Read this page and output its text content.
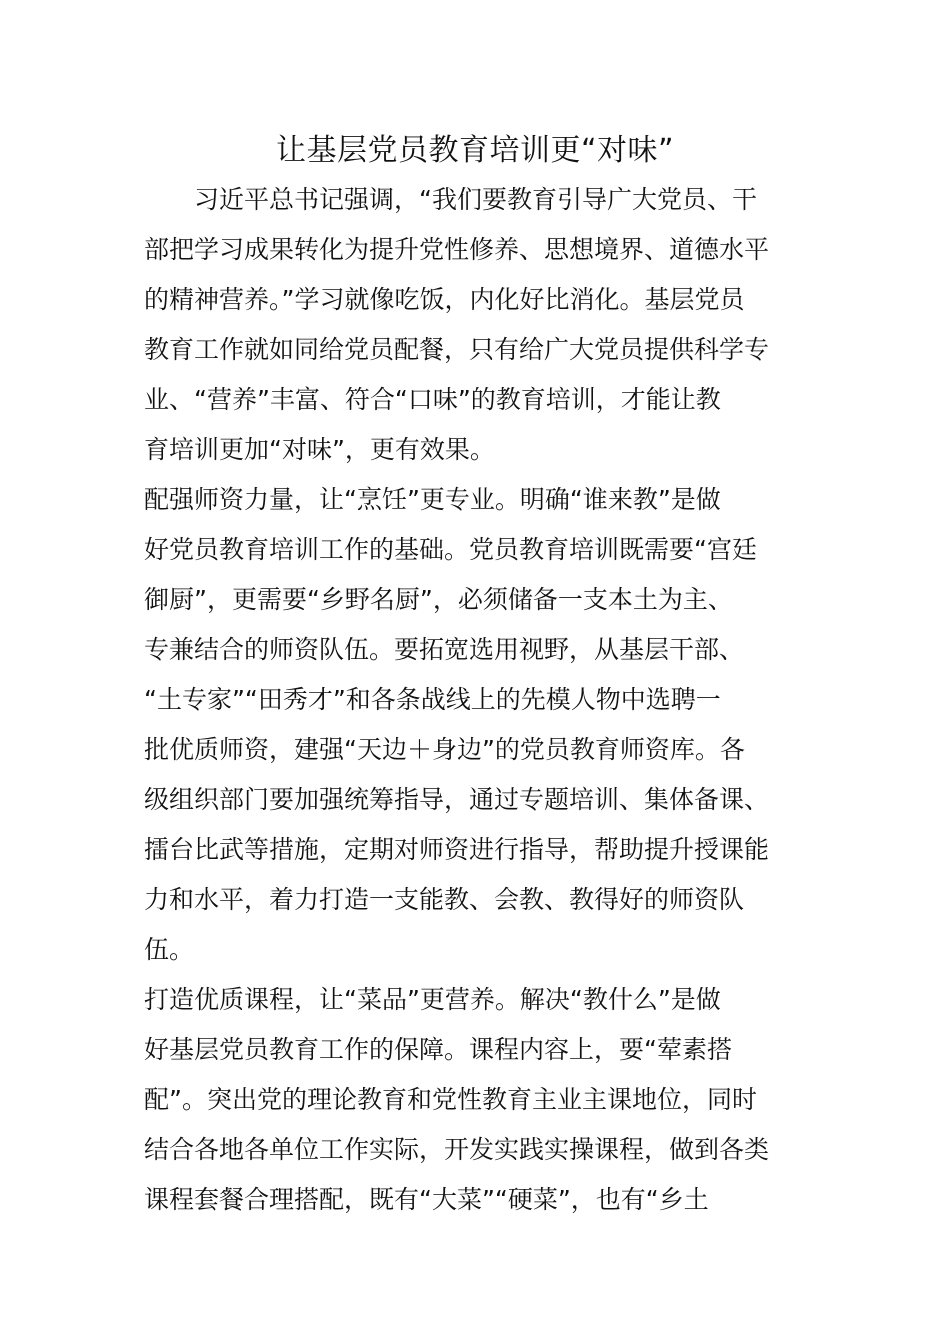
让基层党员教育培训更“对味”
　　习近平总书记强调，“我们要教育引导广大党员、干
部把学习成果转化为提升党性修养、思想境界、道德水平
的精神营养。”学习就像吃饭，内化好比消化。基层党员
教育工作就如同给党员配餐，只有给广大党员提供科学专
业、“营养”丰富、符合“口味”的教育培训，才能让教
育培训更加“对味”，更有效果。
配强师资力量，让“烹饪”更专业。明确“谁来教”是做
好党员教育培训工作的基础。党员教育培训既需要“宫廷
御厨”，更需要“乡野名厨”，必须储备一支本土为主、
专兼结合的师资队伍。要拓宽选用视野，从基层干部、
“土专家”“田秀才”和各条战线上的先模人物中选聘一
批优质师资，建强“天边＋身边”的党员教育师资库。各
级组织部门要加强统筹指导，通过专题培训、集体备课、
擂台比武等措施，定期对师资进行指导，帮助提升授课能
力和水平，着力打造一支能教、会教、教得好的师资队
伍。
打造优质课程，让“菜品”更营养。解决“教什么”是做
好基层党员教育工作的保障。课程内容上，要“荤素搭
配”。突出党的理论教育和党性教育主业主课地位，同时
结合各地各单位工作实际，开发实践实操课程，做到各类
课程套餐合理搭配，既有“大菜”“硬菜”，也有“乡土
